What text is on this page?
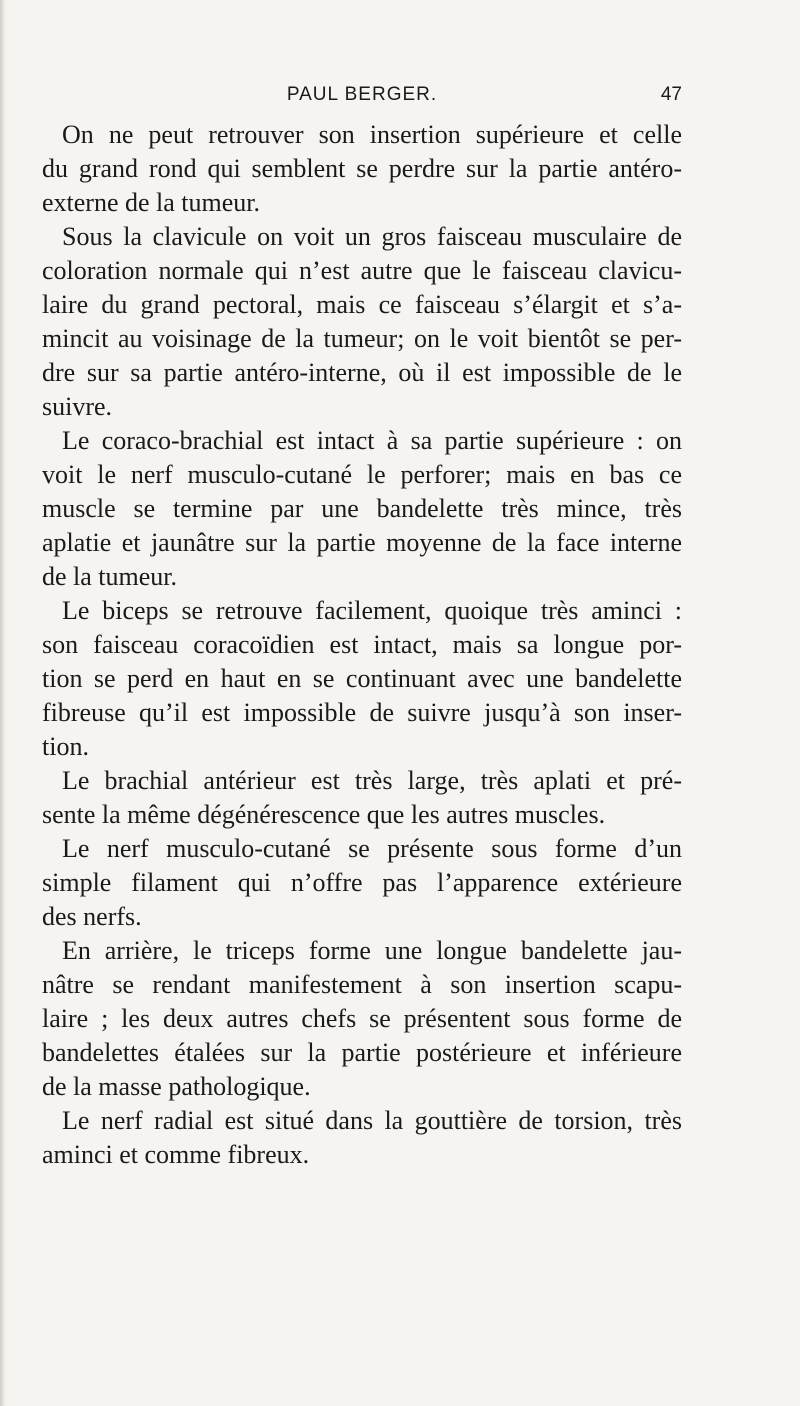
PAUL BERGER.	47
On ne peut retrouver son insertion supérieure et celle
du grand rond qui semblent se perdre sur la partie antéro-
externe de la tumeur.
Sous la clavicule on voit un gros faisceau musculaire de
coloration normale qui n’est autre que le faisceau clavicu-
laire du grand pectoral, mais ce faisceau s’élargit et s’a-
mincit au voisinage de la tumeur; on le voit bientôt se per-
dre sur sa partie antéro-interne, où il est impossible de le
suivre.
Le coraco-brachial est intact à sa partie supérieure : on
voit le nerf musculo-cutané le perforer; mais en bas ce
muscle se termine par une bandelette très mince, très
aplatie et jaunâtre sur la partie moyenne de la face interne
de la tumeur.
Le biceps se retrouve facilement, quoique très aminci :
son faisceau coracoïdien est intact, mais sa longue por-
tion se perd en haut en se continuant avec une bandelette
fibreuse qu’il est impossible de suivre jusqu’à son inser-
tion.
Le brachial antérieur est très large, très aplati et pré-
sente la même dégénérescence que les autres muscles.
Le nerf musculo-cutané se présente sous forme d’un
simple filament qui n’offre pas l’apparence extérieure
des nerfs.
En arrière, le triceps forme une longue bandelette jau-
nâtre se rendant manifestement à son insertion scapu-
laire ; les deux autres chefs se présentent sous forme de
bandelettes étalées sur la partie postérieure et inférieure
de la masse pathologique.
Le nerf radial est situé dans la gouttière de torsion, très
aminci et comme fibreux.
